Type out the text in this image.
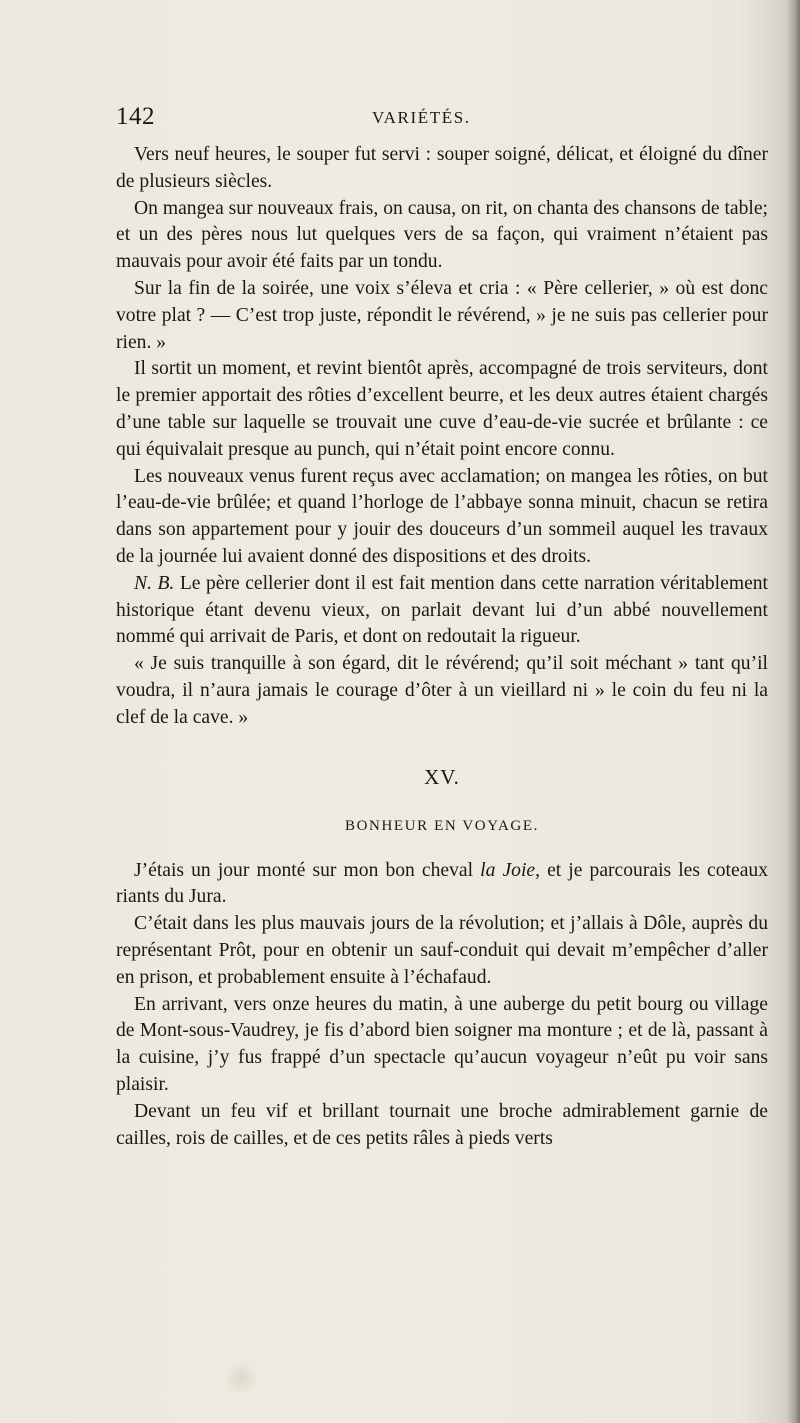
142	VARIÉTÉS.

Vers neuf heures, le souper fut servi : souper soigné, délicat, et éloigné du dîner de plusieurs siècles.

On mangea sur nouveaux frais, on causa, on rit, on chanta des chansons de table; et un des pères nous lut quelques vers de sa façon, qui vraiment n’étaient pas mauvais pour avoir été faits par un tondu.

Sur la fin de la soirée, une voix s’éleva et cria : « Père cellerier, » où est donc votre plat ? — C’est trop juste, répondit le révérend, » je ne suis pas cellerier pour rien. »

Il sortit un moment, et revint bientôt après, accompagné de trois serviteurs, dont le premier apportait des rôties d’excellent beurre, et les deux autres étaient chargés d’une table sur laquelle se trouvait une cuve d’eau-de-vie sucrée et brûlante : ce qui équivalait presque au punch, qui n’était point encore connu.

Les nouveaux venus furent reçus avec acclamation; on mangea les rôties, on but l’eau-de-vie brûlée; et quand l’horloge de l’abbaye sonna minuit, chacun se retira dans son appartement pour y jouir des douceurs d’un sommeil auquel les travaux de la journée lui avaient donné des dispositions et des droits.

N. B. Le père cellerier dont il est fait mention dans cette narration véritablement historique étant devenu vieux, on parlait devant lui d’un abbé nouvellement nommé qui arrivait de Paris, et dont on redoutait la rigueur.

« Je suis tranquille à son égard, dit le révérend; qu’il soit méchant » tant qu’il voudra, il n’aura jamais le courage d’ôter à un vieillard ni » le coin du feu ni la clef de la cave. »

XV.
BONHEUR EN VOYAGE.

J’étais un jour monté sur mon bon cheval la Joie, et je parcourais les coteaux riants du Jura.

C’était dans les plus mauvais jours de la révolution; et j’allais à Dôle, auprès du représentant Prôt, pour en obtenir un sauf-conduit qui devait m’empêcher d’aller en prison, et probablement ensuite à l’échafaud.

En arrivant, vers onze heures du matin, à une auberge du petit bourg ou village de Mont-sous-Vaudrey, je fis d’abord bien soigner ma monture ; et de là, passant à la cuisine, j’y fus frappé d’un spectacle qu’aucun voyageur n’eût pu voir sans plaisir.

Devant un feu vif et brillant tournait une broche admirablement garnie de cailles, rois de cailles, et de ces petits râles à pieds verts
